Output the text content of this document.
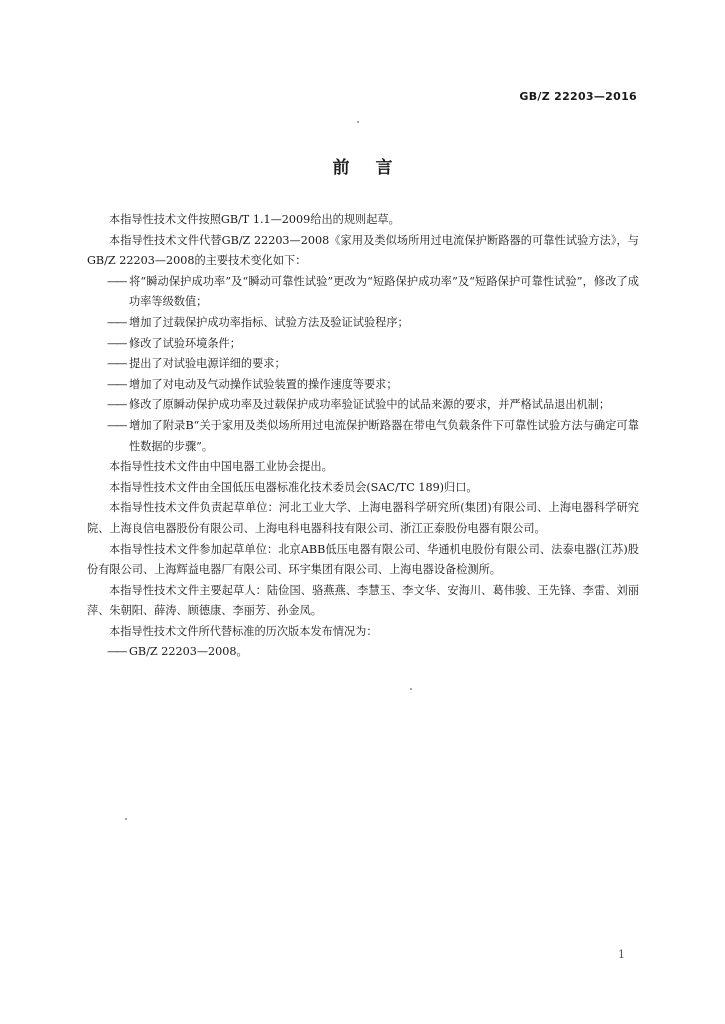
GB/Z 22203—2016
前言

本指导性技术文件按照GB/T 1.1—2009给出的规则起草。

本指导性技术文件代替GB/Z 22203—2008《家用及类似场所用过电流保护断路器的可靠性试验方法》，与GB/Z 22203—2008的主要技术变化如下：

—— 将“瞬动保护成功率”及“瞬动可靠性试验”更改为“短路保护成功率”及“短路保护可靠性试验”，修改了成功率等级数值；

—— 增加了过载保护成功率指标、试验方法及验证试验程序；

—— 修改了试验环境条件；

—— 提出了对试验电源详细的要求；

—— 增加了对电动及气动操作试验装置的操作速度等要求；

—— 修改了原瞬动保护成功率及过载保护成功率验证试验中的试品来源的要求，并严格试品退出机制；

—— 增加了附录B“关于家用及类似场所用过电流保护断路器在带电气负载条件下可靠性试验方法与确定可靠性数据的步骤”。

本指导性技术文件由中国电器工业协会提出。

本指导性技术文件由全国低压电器标准化技术委员会(SAC/TC 189)归口。

本指导性技术文件负责起草单位：河北工业大学、上海电器科学研究所(集团)有限公司、上海电器科学研究院、上海良信电器股份有限公司、上海电科电器科技有限公司、浙江正泰股份电器有限公司。

本指导性技术文件参加起草单位：北京ABB低压电器有限公司、华通机电股份有限公司、法泰电器(江苏)股份有限公司、上海辉益电器厂有限公司、环宇集团有限公司、上海电器设备检测所。

本指导性技术文件主要起草人：陆俭国、骆燕燕、李慧玉、李文华、安海川、葛伟骏、王先锋、李雷、刘丽萍、朱朝阳、薛涛、顾德康、李丽芳、孙金凤。

本指导性技术文件所代替标准的历次版本发布情况为：

—— GB/Z 22203—2008。

1
